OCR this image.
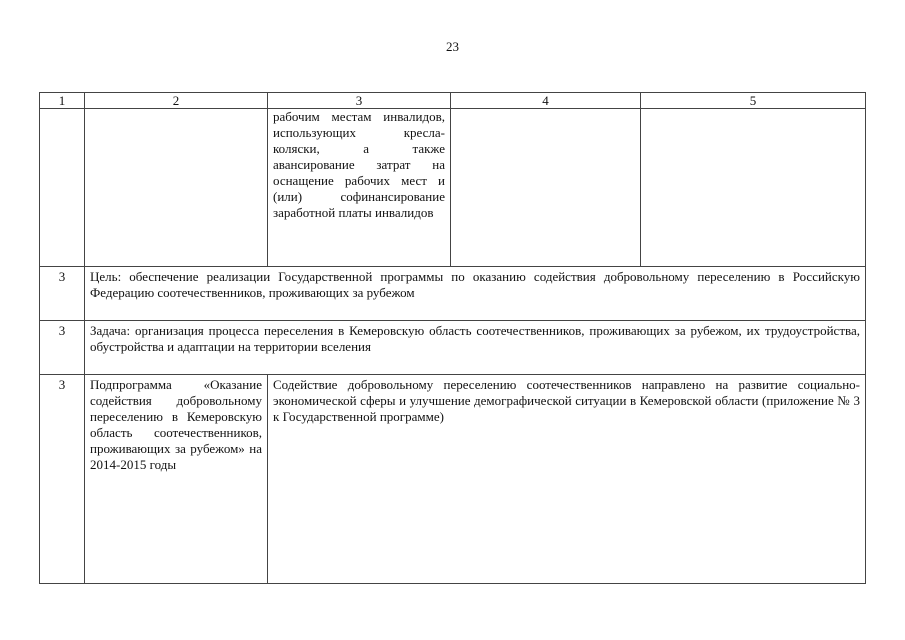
23
1	2	3	4	5
		рабочим местам инвалидов, использующих кресла-коляски, а также авансирование затрат на оснащение рабочих мест и (или) софинансирование заработной платы инвалидов		
3	Цель: обеспечение реализации Государственной программы по оказанию содействия добровольному переселению в Российскую Федерацию соотечественников, проживающих за рубежом			
3	Задача: организация процесса переселения в Кемеровскую область соотечественников, проживающих за рубежом, их трудоустройства, обустройства и адаптации на территории вселения			
3	Подпрограмма «Оказание содействия добровольному переселению в Кемеровскую область соотечественников, проживающих за рубежом» на 2014-2015 годы	Содействие добровольному переселению соотечественников направлено на развитие социально-экономической сферы и улучшение демографической ситуации в Кемеровской области (приложение № 3 к Государственной программе)		
